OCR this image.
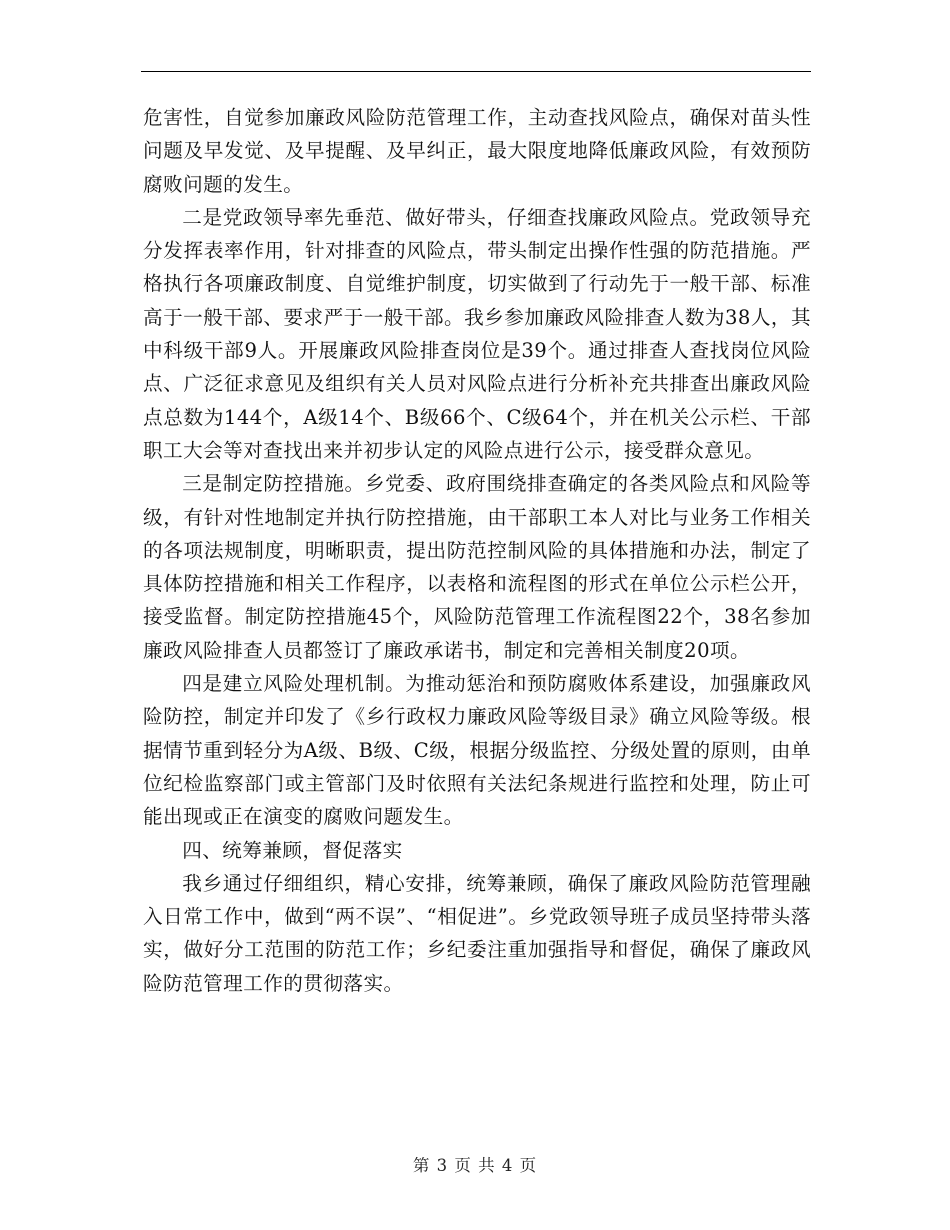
危害性，自觉参加廉政风险防范管理工作，主动查找风险点，确保对苗头性问题及早发觉、及早提醒、及早纠正，最大限度地降低廉政风险，有效预防腐败问题的发生。

二是党政领导率先垂范、做好带头，仔细查找廉政风险点。党政领导充分发挥表率作用，针对排查的风险点，带头制定出操作性强的防范措施。严格执行各项廉政制度、自觉维护制度，切实做到了行动先于一般干部、标准高于一般干部、要求严于一般干部。我乡参加廉政风险排查人数为38人，其中科级干部9人。开展廉政风险排查岗位是39个。通过排查人查找岗位风险点、广泛征求意见及组织有关人员对风险点进行分析补充共排查出廉政风险点总数为144个，A级14个、B级66个、C级64个，并在机关公示栏、干部职工大会等对查找出来并初步认定的风险点进行公示，接受群众意见。

三是制定防控措施。乡党委、政府围绕排查确定的各类风险点和风险等级，有针对性地制定并执行防控措施，由干部职工本人对比与业务工作相关的各项法规制度，明晰职责，提出防范控制风险的具体措施和办法，制定了具体防控措施和相关工作程序，以表格和流程图的形式在单位公示栏公开，接受监督。制定防控措施45个，风险防范管理工作流程图22个，38名参加廉政风险排查人员都签订了廉政承诺书，制定和完善相关制度20项。

四是建立风险处理机制。为推动惩治和预防腐败体系建设，加强廉政风险防控，制定并印发了《乡行政权力廉政风险等级目录》确立风险等级。根据情节重到轻分为A级、B级、C级，根据分级监控、分级处置的原则，由单位纪检监察部门或主管部门及时依照有关法纪条规进行监控和处理，防止可能出现或正在演变的腐败问题发生。

四、统筹兼顾，督促落实

我乡通过仔细组织，精心安排，统筹兼顾，确保了廉政风险防范管理融入日常工作中，做到“两不误”、“相促进”。乡党政领导班子成员坚持带头落实，做好分工范围的防范工作；乡纪委注重加强指导和督促，确保了廉政风险防范管理工作的贯彻落实。

第 3 页 共 4 页
